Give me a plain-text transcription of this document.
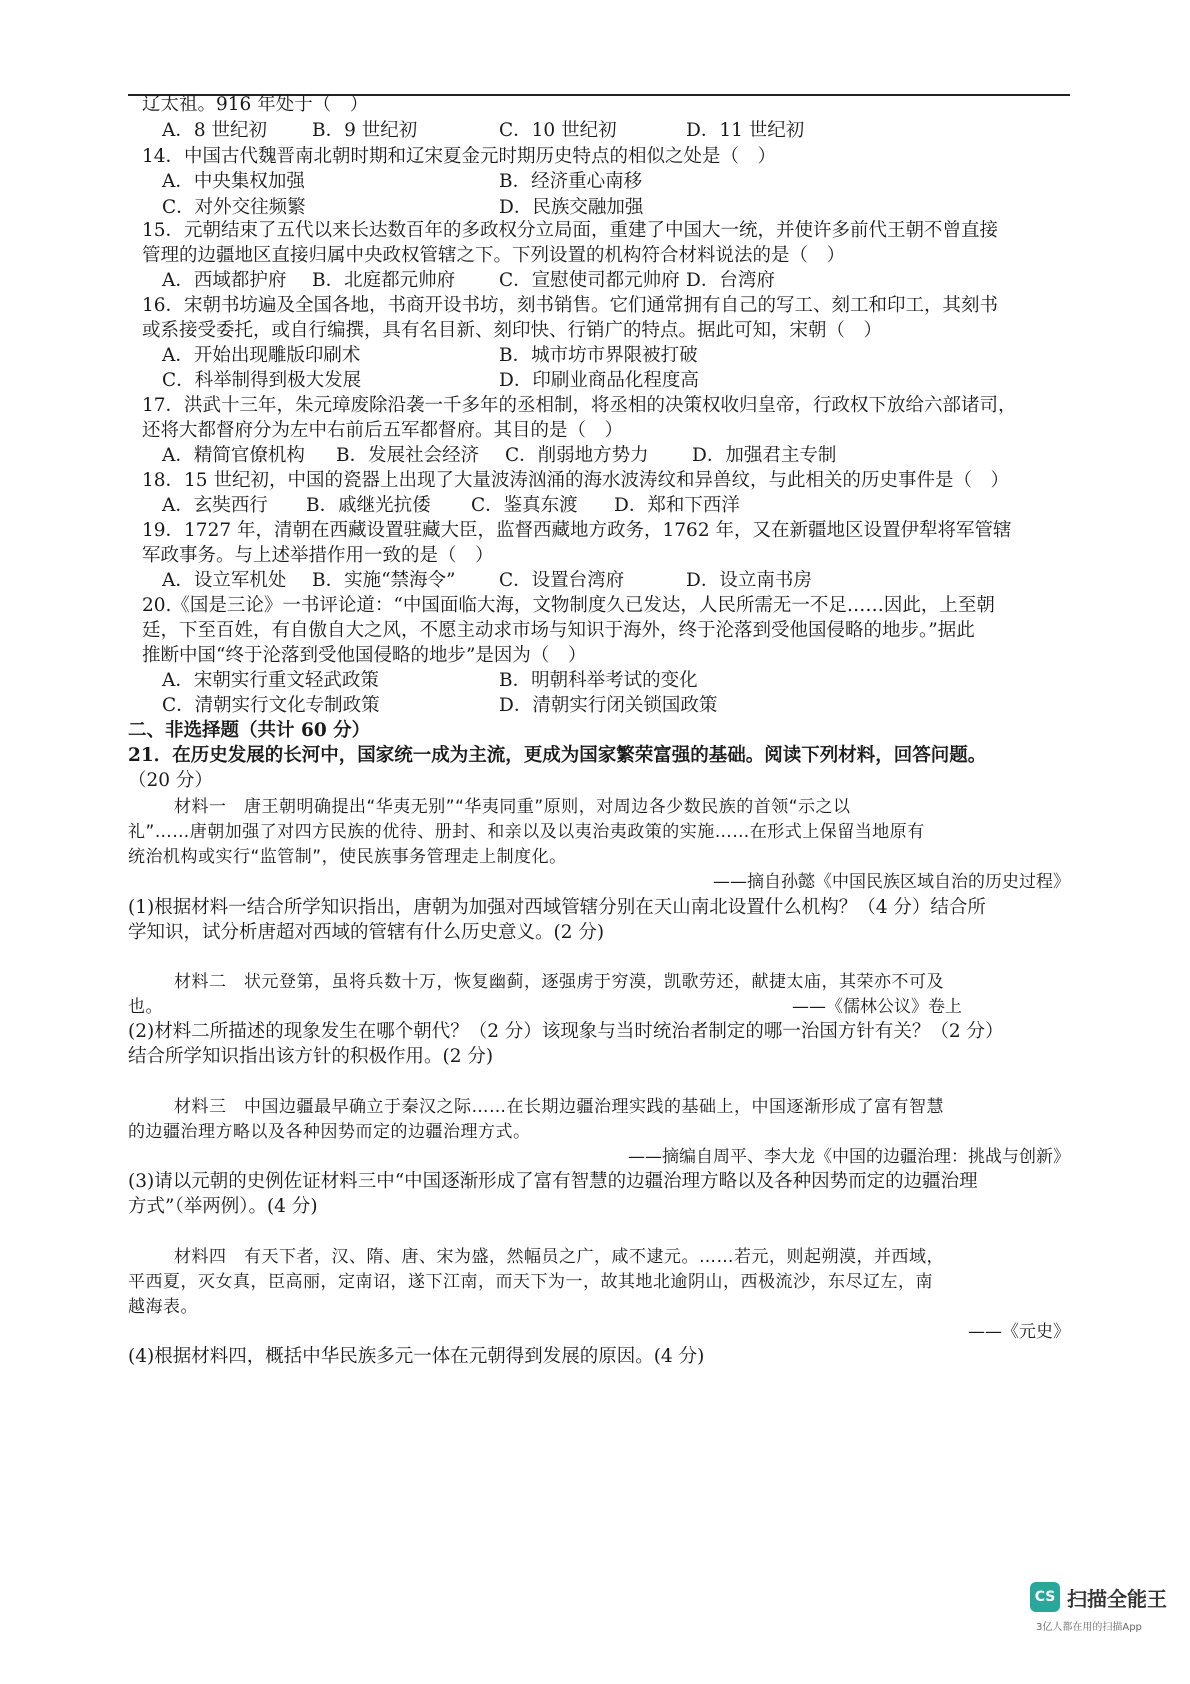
辽太祖。916 年处于（　）
A．8 世纪初 B．9 世纪初	C．10 世纪初	D．11 世纪初
14．中国古代魏晋南北朝时期和辽宋夏金元时期历史特点的相似之处是（　）
A．中央集权加强	B．经济重心南移
C．对外交往频繁	D．民族交融加强
15．元朝结束了五代以来长达数百年的多政权分立局面，重建了中国大一统，并使许多前代王朝不曾直接
管理的边疆地区直接归属中央政权管辖之下。下列设置的机构符合材料说法的是（　）
A．西域都护府 B．北庭都元帅府 C．宣慰使司都元帅府 D．台湾府
16．宋朝书坊遍及全国各地，书商开设书坊，刻书销售。它们通常拥有自己的写工、刻工和印工，其刻书
或系接受委托，或自行编撰，具有名目新、刻印快、行销广的特点。据此可知，宋朝（　）
A．开始出现雕版印刷术	B．城市坊市界限被打破
C．科举制得到极大发展	D．印刷业商品化程度高
17．洪武十三年，朱元璋废除沿袭一千多年的丞相制，将丞相的决策权收归皇帝，行政权下放给六部诸司，
还将大都督府分为左中右前后五军都督府。其目的是（　）
A．精简官僚机构 B．发展社会经济 C．削弱地方势力 D．加强君主专制
18．15 世纪初，中国的瓷器上出现了大量波涛汹涌的海水波涛纹和异兽纹，与此相关的历史事件是（　）
A．玄奘西行 B．戚继光抗倭 C．鉴真东渡 D．郑和下西洋
19．1727 年，清朝在西藏设置驻藏大臣，监督西藏地方政务，1762 年，又在新疆地区设置伊犁将军管辖
军政事务。与上述举措作用一致的是（　）
A．设立军机处 B．实施“禁海令” C．设置台湾府	D．设立南书房
20.《国是三论》一书评论道：“中国面临大海，文物制度久已发达，人民所需无一不足……因此，上至朝
廷，下至百姓，有自傲自大之风，不愿主动求市场与知识于海外，终于沦落到受他国侵略的地步。”据此
推断中国“终于沦落到受他国侵略的地步”是因为（　）
A．宋朝实行重文轻武政策	B．明朝科举考试的变化
C．清朝实行文化专制政策	D．清朝实行闭关锁国政策
二、非选择题（共计 60 分）
21．在历史发展的长河中，国家统一成为主流，更成为国家繁荣富强的基础。阅读下列材料，回答问题。
（20 分）
材料一　唐王朝明确提出“华夷无别”“华夷同重”原则，对周边各少数民族的首领“示之以
礼”……唐朝加强了对四方民族的优待、册封、和亲以及以夷治夷政策的实施……在形式上保留当地原有
统治机构或实行“监管制”，使民族事务管理走上制度化。
——摘自孙懿《中国民族区域自治的历史过程》
(1)根据材料一结合所学知识指出，唐朝为加强对西域管辖分别在天山南北设置什么机构？（4 分）结合所
学知识，试分析唐超对西域的管辖有什么历史意义。(2 分)
材料二　状元登第，虽将兵数十万，恢复幽蓟，逐强虏于穷漠，凯歌劳还，献捷太庙，其荣亦不可及
也。	——《儒林公议》卷上
(2)材料二所描述的现象发生在哪个朝代？（2 分）该现象与当时统治者制定的哪一治国方针有关？（2 分）
结合所学知识指出该方针的积极作用。(2 分)
材料三　中国边疆最早确立于秦汉之际……在长期边疆治理实践的基础上，中国逐渐形成了富有智慧
的边疆治理方略以及各种因势而定的边疆治理方式。
——摘编自周平、李大龙《中国的边疆治理：挑战与创新》
(3)请以元朝的史例佐证材料三中“中国逐渐形成了富有智慧的边疆治理方略以及各种因势而定的边疆治理
方式”（举两例）。(4 分)
材料四　有天下者，汉、隋、唐、宋为盛，然幅员之广，咸不逮元。……若元，则起朔漠，并西域，
平西夏，灭女真，臣高丽，定南诏，遂下江南，而天下为一，故其地北逾阴山，西极流沙，东尽辽左，南
越海表。
——《元史》
(4)根据材料四，概括中华民族多元一体在元朝得到发展的原因。(4 分)
CS 扫描全能王
3亿人都在用的扫描App
